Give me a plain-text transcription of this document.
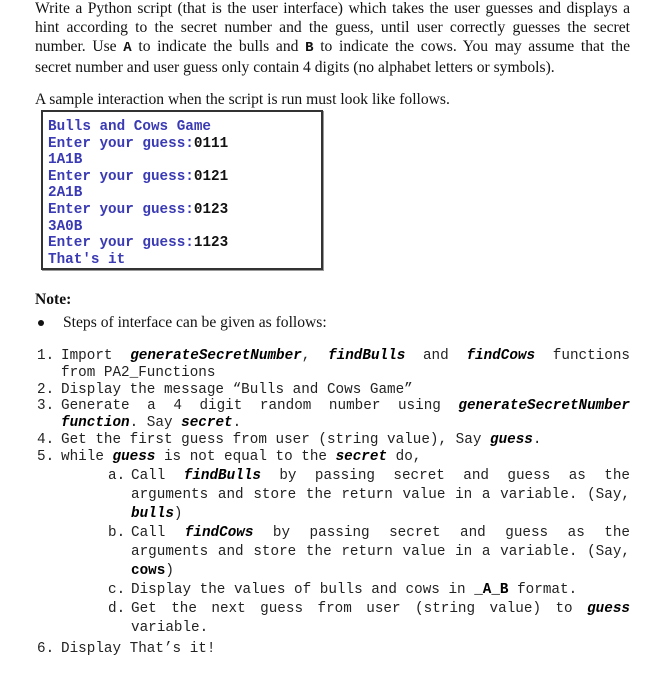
Write a Python script (that is the user interface) which takes the user guesses and displays a
hint according to the secret number and the guess, until user correctly guesses the secret
number. Use A to indicate the bulls and B to indicate the cows. You may assume that the
secret number and user guess only contain 4 digits (no alphabet letters or symbols).
A sample interaction when the script is run must look like follows.
Bulls and Cows Game
Enter your guess:0111
1A1B
Enter your guess:0121
2A1B
Enter your guess:0123
3A0B
Enter your guess:1123
That's it
Note:
Steps of interface can be given as follows:
1. Import generateSecretNumber, findBulls and findCows functions
from PA2_Functions
2. Display the message “Bulls and Cows Game”
3. Generate a 4 digit random number using generateSecretNumber
function. Say secret.
4. Get the first guess from user (string value), Say guess.
5. while guess is not equal to the secret do,
a. Call findBulls by passing secret and guess as the
arguments and store the return value in a variable. (Say,
bulls)
b. Call findCows by passing secret and guess as the
arguments and store the return value in a variable. (Say,
cows)
c. Display the values of bulls and cows in _A_B format.
d. Get the next guess from user (string value) to guess
variable.
6. Display That’s it!
